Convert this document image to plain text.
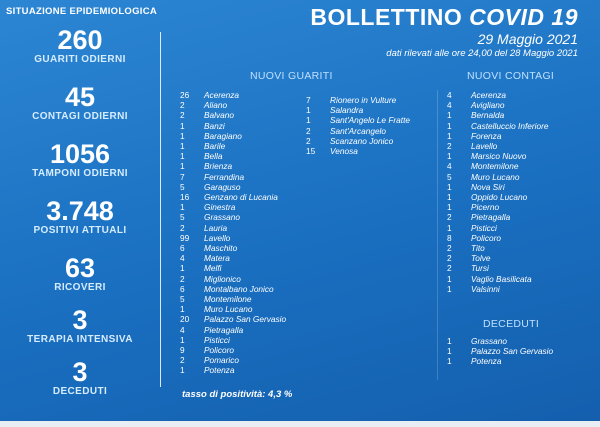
SITUAZIONE EPIDEMIOLOGICA
260
GUARITI ODIERNI
45
CONTAGI ODIERNI
1056
TAMPONI ODIERNI
3.748
POSITIVI ATTUALI
63
RICOVERI
3
TERAPIA INTENSIVA
3
DECEDUTI
BOLLETTINO COVID 19
29 Maggio 2021
dati rilevati alle ore 24,00 del 28 Maggio 2021
NUOVI GUARITI	NUOVI CONTAGI
DECEDUTI
26	Acerenza
2	Aliano
2	Balvano
1	Banzi
1	Baragiano
1	Barile
1	Bella
1	Brienza
7	Ferrandina
5	Garaguso
16	Genzano di Lucania
1	Ginestra
5	Grassano
2	Lauria
99	Lavello
6	Maschito
4	Matera
1	Melfi
2	Miglionico
6	Montalbano Jonico
5	Montemilone
1	Muro Lucano
20	Palazzo San Gervasio
4	Pietragalla
1	Pisticci
9	Policoro
2	Pomarico
1	Potenza
7	Rionero in Vulture
1	Salandra
1	Sant'Angelo Le Fratte
2	Sant'Arcangelo
2	Scanzano Jonico
15	Venosa
4	Acerenza
4	Avigliano
1	Bernalda
1	Castelluccio Inferiore
1	Forenza
2	Lavello
1	Marsico Nuovo
4	Montemilone
5	Muro Lucano
1	Nova Siri
1	Oppido Lucano
1	Picerno
2	Pietragalla
1	Pisticci
8	Policoro
2	Tito
2	Tolve
2	Tursi
1	Vaglio Basilicata
1	Valsinni
1	Grassano
1	Palazzo San Gervasio
1	Potenza
tasso di positività: 4,3 %
